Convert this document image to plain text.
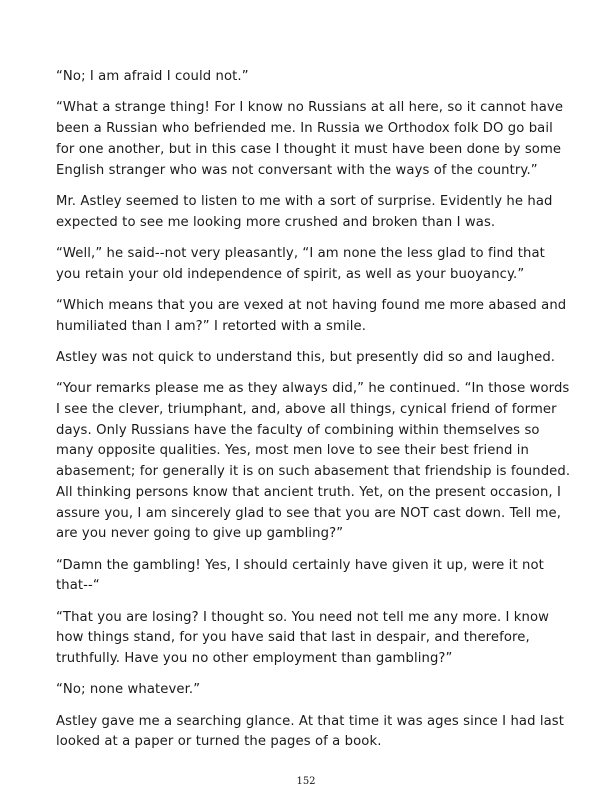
“No; I am afraid I could not.”

“What a strange thing! For I know no Russians at all here, so it cannot have been a Russian who befriended me. In Russia we Orthodox folk DO go bail for one another, but in this case I thought it must have been done by some English stranger who was not conversant with the ways of the country.”

Mr. Astley seemed to listen to me with a sort of surprise. Evidently he had expected to see me looking more crushed and broken than I was.

“Well,” he said--not very pleasantly, “I am none the less glad to find that you retain your old independence of spirit, as well as your buoyancy.”

“Which means that you are vexed at not having found me more abased and humiliated than I am?” I retorted with a smile.

Astley was not quick to understand this, but presently did so and laughed.

“Your remarks please me as they always did,” he continued. “In those words I see the clever, triumphant, and, above all things, cynical friend of former days. Only Russians have the faculty of combining within themselves so many opposite qualities. Yes, most men love to see their best friend in abasement; for generally it is on such abasement that friendship is founded. All thinking persons know that ancient truth. Yet, on the present occasion, I assure you, I am sincerely glad to see that you are NOT cast down. Tell me, are you never going to give up gambling?”

“Damn the gambling! Yes, I should certainly have given it up, were it not that--“

“That you are losing? I thought so. You need not tell me any more. I know how things stand, for you have said that last in despair, and therefore, truthfully. Have you no other employment than gambling?”

“No; none whatever.”

Astley gave me a searching glance. At that time it was ages since I had last looked at a paper or turned the pages of a book.

152
